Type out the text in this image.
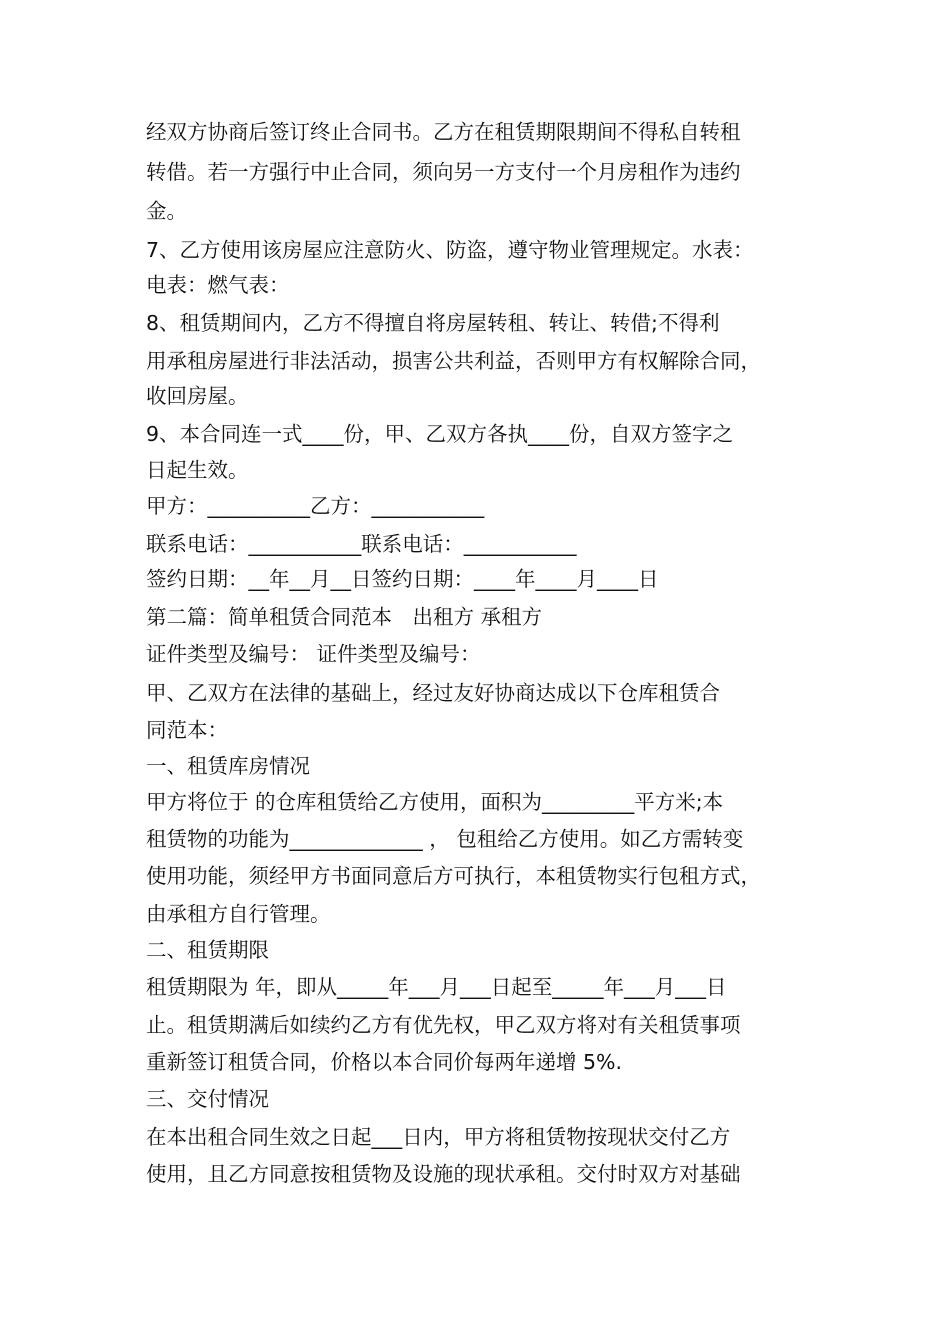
经双方协商后签订终止合同书。乙方在租赁期限期间不得私自转租
转借。若一方强行中止合同，须向另一方支付一个月房租作为违约
金。
7、乙方使用该房屋应注意防火、防盗，遵守物业管理规定。水表：
电表：燃气表：
8、租赁期间内，乙方不得擅自将房屋转租、转让、转借;不得利
用承租房屋进行非法活动，损害公共利益，否则甲方有权解除合同，
收回房屋。
9、本合同连一式____份，甲、乙双方各执____份，自双方签字之
日起生效。
甲方：__________乙方：___________
联系电话：___________联系电话：___________
签约日期：__年__月__日签约日期：____年____月____日
第二篇：简单租赁合同范本　出租方 承租方
证件类型及编号： 证件类型及编号：
甲、乙双方在法律的基础上，经过友好协商达成以下仓库租赁合
同范本：
一、租赁库房情况
甲方将位于 的仓库租赁给乙方使用，面积为_________平方米;本
租赁物的功能为_____________ ， 包租给乙方使用。如乙方需转变
使用功能，须经甲方书面同意后方可执行，本租赁物实行包租方式，
由承租方自行管理。
二、租赁期限
租赁期限为 年，即从_____年___月___日起至_____年___月___日
止。租赁期满后如续约乙方有优先权，甲乙双方将对有关租赁事项
重新签订租赁合同，价格以本合同价每两年递增 5%.
三、交付情况
在本出租合同生效之日起___日内，甲方将租赁物按现状交付乙方
使用，且乙方同意按租赁物及设施的现状承租。交付时双方对基础
